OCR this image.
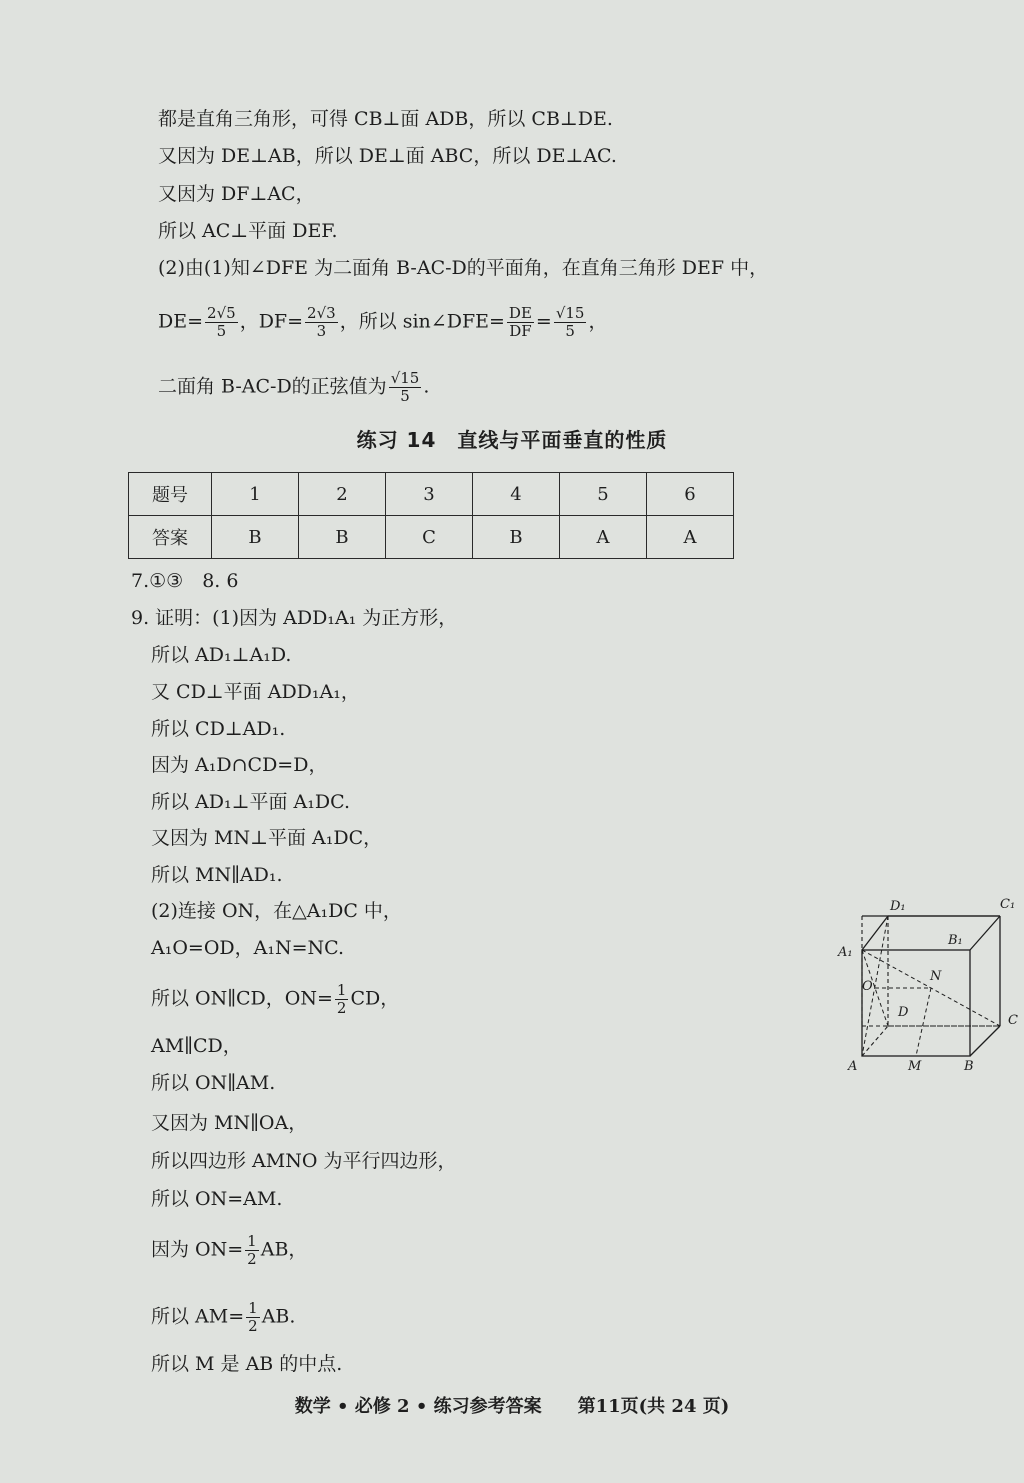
都是直角三角形，可得 CB⊥面 ADB，所以 CB⊥DE.
又因为 DE⊥AB，所以 DE⊥面 ABC，所以 DE⊥AC.
又因为 DF⊥AC，
所以 AC⊥平面 DEF.
(2)由(1)知∠DFE 为二面角 B-AC-D的平面角，在直角三角形 DEF 中，
$DE= \frac{2√5}{5}$ ，$DF= \frac{2√3}{3}$ ，所以 sin∠DFE= $\frac{DE}{DF} = \frac{√15}{5}$ ，
二面角 B-AC-D的正弦值为 $\frac{√15}{5}$ .
练习 14　直线与平面垂直的性质
题号	1	2	3	4	5	6
答案	B	B	C	B	A	A
7.①③　8. 6
9. 证明：(1)因为 ADD₁A₁ 为正方形，
所以 AD₁⊥A₁D.
又 CD⊥平面 ADD₁A₁，
所以 CD⊥AD₁.
因为 A₁D∩CD=D，
所以 AD₁⊥平面 A₁DC.
又因为 MN⊥平面 A₁DC，
所以 MN∥AD₁.
(2)连接 ON，在△A₁DC 中，
A₁O=OD，A₁N=NC.
所以 ON∥CD，$ON= \frac{1}{2}$ CD，
AM∥CD，
所以 ON∥AM.
又因为 MN∥OA，
所以四边形 AMNO 为平行四边形，
所以 ON=AM.
因为 $ON= \frac{1}{2}$ AB，
所以 $AM= \frac{1}{2}$ AB.
所以 M 是 AB 的中点.
D₁	C₁
A₁
B₁
N
O
D
C
A	M	B
数学 • 必修 2 • 练习参考答案　　第11页(共 24 页)
